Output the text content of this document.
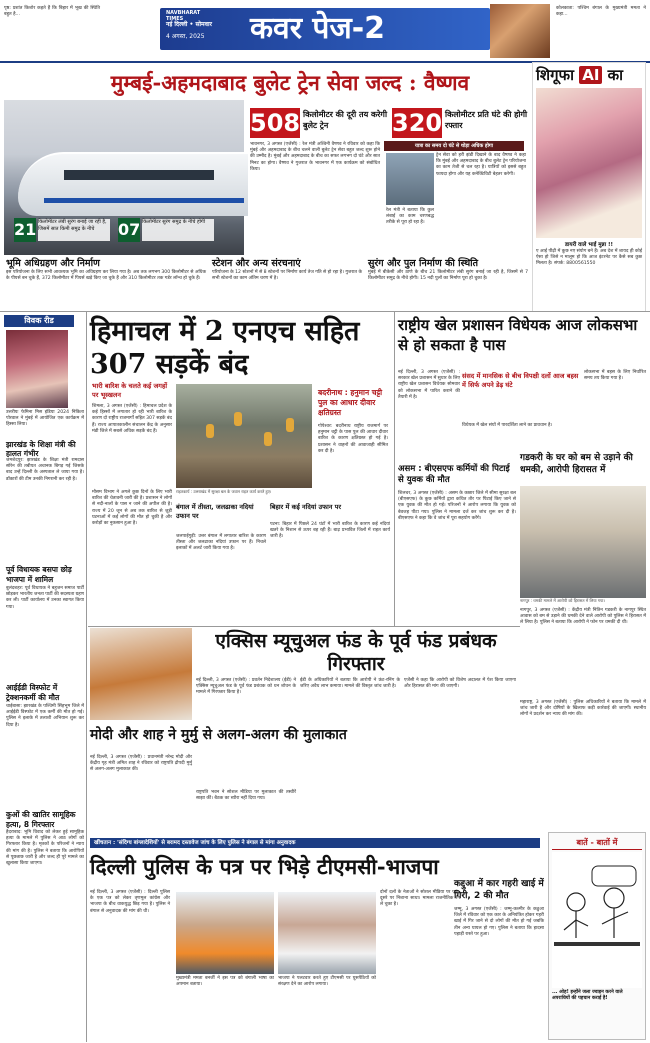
पृष्ठ: प्रशांत किशोर कहते हैं कि बिहार में भूख की स्थिति बहुत है...	NAVBHARAT TIMES
नई दिल्ली • सोमवार
4 अगस्त, 2025	कवर पेज-2

कोलकाता: पश्चिम बंगाल के मुख्यमंत्री ममता ने कहा...

मुम्बई-अहमदाबाद बुलेट ट्रेन सेवा जल्द : वैष्णव
508 किलोमीटर की दूरी तय करेगी बुलेट ट्रेन	320 किलोमीटर प्रति घंटे की होगी रफ्तार
21 किलोमीटर लंबी सुरंग बनाई जा रही है, जिसमें सात किमी समुद्र के नीचे	07 किलोमीटर सुरंग समुद्र के नीचे होगी
भावनगर, 3 अगस्त (एजेंसी) : रेल मंत्री अश्विनी वैष्णव ने रविवार को कहा कि मुंबई और अहमदाबाद के बीच चलने वाली बुलेट ट्रेन सेवा बहुत जल्द शुरू होने की उम्मीद है। मुंबई और अहमदाबाद के बीच का सफर लगभग दो घंटे और सात मिनट का होगा। वैष्णव ने गुजरात के भावनगर में एक कार्यक्रम को संबोधित किया।
यात्रा का समय दो घंटे से थोड़ा अधिक होगा
ट्रेन सेवा को हरी झंडी दिखाने के बाद वैष्णव ने कहा कि मुंबई और अहमदाबाद के बीच बुलेट ट्रेन परियोजना का काम तेजी से चल रहा है। यात्रियों को इससे बहुत फायदा होगा और यह कनेक्टिविटी बेहतर करेगी।
रेल मंत्री ने बताया कि कुल लंबाई का काम चरणबद्ध तरीके से पूरा हो रहा है।
भूमि अधिग्रहण और निर्माण
इस परियोजना के लिए सभी आवश्यक भूमि का अधिग्रहण कर लिया गया है। अब तक लगभग 300 किलोमीटर से अधिक के पीयर्स बन चुके हैं, 372 किलोमीटर में पियर्स खड़े किए जा चुके हैं और 310 किलोमीटर तक गर्डर लॉन्च हो चुके हैं।
स्टेशन और अन्य संरचनाएं
परियोजना के 12 स्टेशनों में से 8 स्टेशनों पर निर्माण कार्य तेज गति से हो रहा है। गुजरात के सभी स्टेशनों का काम अंतिम चरण में है।
सुरंग और पुल निर्माण की स्थिति
मुंबई में बीकेसी और ठाणे के बीच 21 किलोमीटर लंबी सुरंग बनाई जा रही है, जिसमें से 7 किलोमीटर समुद्र के नीचे होगी। 15 नदी पुलों का निर्माण पूरा हो चुका है।
शिगूफा AI का
डायरी वाले भाई मुन्ना !!
ए आई पीढ़ी में कुछ नए संयोग बने हैं। अब देश में शायद ही कोई ऐसा हो जिसे न मालूम हो कि आज इंटरनेट पर कैसे सब कुछ मिलता है। संपर्क: 8800561550
विवक रीड
उत्तरीयः फेमिना मिस इंडिया 2024 निकिता पोरवाल ने मुंबई में आयोजित एक कार्यक्रम में हिस्सा लिया।
झारखंड के शिक्षा मंत्री की हालत गंभीर
जमशेदपुर: झारखंड के शिक्षा मंत्री रामदास सोरेन की तबीयत अचानक बिगड़ गई जिसके बाद उन्हें दिल्ली के अस्पताल ले जाया गया है। डॉक्टरों की टीम उनकी निगरानी कर रही है।
पूर्व विधायक बसपा छोड़ भाजपा में शामिल
बुलंदशहर: पूर्व विधायक ने बहुजन समाज पार्टी छोड़कर भारतीय जनता पार्टी की सदस्यता ग्रहण कर ली। पार्टी कार्यालय में उनका स्वागत किया गया।
आईईडी विस्फोट में ट्रेक्शनकर्मी की मौत
चाईबासा: झारखंड के पश्चिमी सिंहभूम जिले में आईईडी विस्फोट में एक कर्मी की मौत हो गई। पुलिस ने इलाके में तलाशी अभियान शुरू कर दिया है।
कुओं की खातिर सामूहिक हत्या, 8 गिरफ्तार
हैदराबाद: भूमि विवाद को लेकर हुई सामूहिक हत्या के मामले में पुलिस ने आठ लोगों को गिरफ्तार किया है। मृतकों के परिजनों ने न्याय की मांग की है। पुलिस ने बताया कि आरोपियों से पूछताछ जारी है और जल्द ही पूरे मामले का खुलासा किया जाएगा।
हिमाचल में 2 एनएच सहित 307 सड़कें बंद
भारी बारिश के चलते कई जगहों पर भूस्खलन
शिमला, 3 अगस्त (एजेंसी) : हिमाचल प्रदेश के कई हिस्सों में लगातार हो रही भारी बारिश के कारण दो राष्ट्रीय राजमार्गों सहित 307 सड़कें बंद हैं। राज्य आपातकालीन संचालन केंद्र के अनुसार मंडी जिले में सबसे अधिक सड़कें बंद हैं।
राहतकार्य : उत्तराखंड में सुरक्षा बल के जवान राहत कार्य करते हुए।
मौसम विभाग ने अगले कुछ दिनों के लिए भारी बारिश की चेतावनी जारी की है। प्रशासन ने लोगों से नदी-नालों के पास न जाने की अपील की है। राज्य में 20 जून से अब तक बारिश से जुड़ी घटनाओं में कई लोगों की मौत हो चुकी है और करोड़ों का नुकसान हुआ है।
बदरीनाथ : हनुमान चट्टी पुल का आधार दीवार क्षतिग्रस्त
गोपेश्वर: बदरीनाथ राष्ट्रीय राजमार्ग पर हनुमान चट्टी के पास पुल की आधार दीवार बारिश के कारण क्षतिग्रस्त हो गई है। प्रशासन ने वाहनों की आवाजाही सीमित कर दी है।
बंगाल में तीस्ता, जलढाका नदियां उफान पर
जलपाईगुड़ी: उत्तर बंगाल में लगातार बारिश के कारण तीस्ता और जलढाका नदियां उफान पर हैं। निचले इलाकों में अलर्ट जारी किया गया है।
बिहार में कई नदियां उफान पर
पटना: बिहार में पिछले 24 घंटों में भारी बारिश के कारण कई नदियां खतरे के निशान से ऊपर बह रही हैं। बाढ़ प्रभावित जिलों में राहत कार्य जारी है।
राष्ट्रीय खेल प्रशासन विधेयक आज लोकसभा से हो सकता है पास
नई दिल्ली, 3 अगस्त (एजेंसी) : सरकार खेल प्रशासन में सुधार के लिए राष्ट्रीय खेल प्रशासन विधेयक सोमवार को लोकसभा में पारित कराने की तैयारी में है।
संसद में मानसिक से बीच विपक्षी दलों आज बहस में सिर्फ अपने डेढ़ घंटे
विधेयक में खेल संघों में पारदर्शिता लाने का प्रावधान है।
लोकसभा में बहस के लिए निर्धारित समय तय किया गया है।
असम : बीएसएफ कर्मियों की पिटाई से युवक की मौत
शिलचर, 3 अगस्त (एजेंसी) : असम के कछार जिले में सीमा सुरक्षा बल (बीएसएफ) के कुछ कर्मियों द्वारा कथित तौर पर पिटाई किए जाने से एक युवक की मौत हो गई। परिजनों ने आरोप लगाया कि युवक को बेवजह पीटा गया। पुलिस ने मामला दर्ज कर जांच शुरू कर दी है। बीएसएफ ने कहा कि वे जांच में पूरा सहयोग करेंगे।
गडकरी के घर को बम से उड़ाने की धमकी, आरोपी हिरासत में
नागपुर : धमकी मामले में आरोपी को हिरासत में लिया गया।
नागपुर, 3 अगस्त (एजेंसी) : केंद्रीय मंत्री नितिन गडकरी के नागपुर स्थित आवास को बम से उड़ाने की धमकी देने वाले आरोपी को पुलिस ने हिरासत में ले लिया है। पुलिस ने बताया कि आरोपी ने फोन पर धमकी दी थी।
एक्सिस म्यूचुअल फंड के पूर्व फंड प्रबंधक गिरफ्तार
नई दिल्ली, 3 अगस्त (एजेंसी) : प्रवर्तन निदेशालय (ईडी) ने एक्सिस म्यूचुअल फंड के पूर्व फंड प्रबंधक को धन शोधन के मामले में गिरफ्तार किया है।
ईडी के अधिकारियों ने बताया कि आरोपी ने फ्रंट-रनिंग के जरिए अवैध लाभ कमाया। मामले की विस्तृत जांच जारी है।
एजेंसी ने कहा कि आरोपी को विशेष अदालत में पेश किया जाएगा और हिरासत की मांग की जाएगी।
मोदी और शाह ने मुर्मु से अलग-अलग की मुलाकात
नई दिल्ली, 3 अगस्त (एजेंसी) : प्रधानमंत्री नरेन्द्र मोदी और केंद्रीय गृह मंत्री अमित शाह ने रविवार को राष्ट्रपति द्रौपदी मुर्मु से अलग-अलग मुलाकात की।
राष्ट्रपति भवन ने सोशल मीडिया पर मुलाकात की तस्वीरें साझा कीं। बैठक का ब्यौरा नहीं दिया गया।
खींचतान : 'संदिग्ध बांग्लादेशियों' से बरामद दस्तावेज जांच के लिए पुलिस ने बंगाल से मांगा अनुवादक
दिल्ली पुलिस के पत्र पर भिड़े टीएमसी-भाजपा
नई दिल्ली, 3 अगस्त (एजेंसी) : दिल्ली पुलिस के एक पत्र को लेकर तृणमूल कांग्रेस और भाजपा के बीच वाकयुद्ध छिड़ गया है। पुलिस ने बंगाल से अनुवादक की मांग की थी।
मुख्यमंत्री ममता बनर्जी ने इस पत्र को बंगाली भाषा का अपमान बताया।
भाजपा ने पलटवार करते हुए टीएमसी पर घुसपैठियों को संरक्षण देने का आरोप लगाया।
दोनों दलों के नेताओं ने सोशल मीडिया पर एक-दूसरे पर निशाना साधा। मामला राजनीतिक रंग ले चुका है।
महाराष्ट्र, 3 अगस्त (एजेंसी) : पुलिस अधिकारियों ने बताया कि मामले में जांच जारी है और दोषियों के खिलाफ कड़ी कार्रवाई की जाएगी। स्थानीय लोगों ने प्रदर्शन कर न्याय की मांग की।
कद्दुआ में कार गहरी खाई में गिरी, 2 की मौत
जम्मू, 3 अगस्त (एजेंसी) : जम्मू-कश्मीर के कठुआ जिले में रविवार को एक कार के अनियंत्रित होकर गहरी खाई में गिर जाने से दो लोगों की मौत हो गई जबकि तीन अन्य घायल हो गए। पुलिस ने बताया कि हादसा पहाड़ी रास्ते पर हुआ।
बातें - बातों में
... ओह! इन्होंने जला ज्वाइन करने वाले अपराधियों की पहचान कराई है!
